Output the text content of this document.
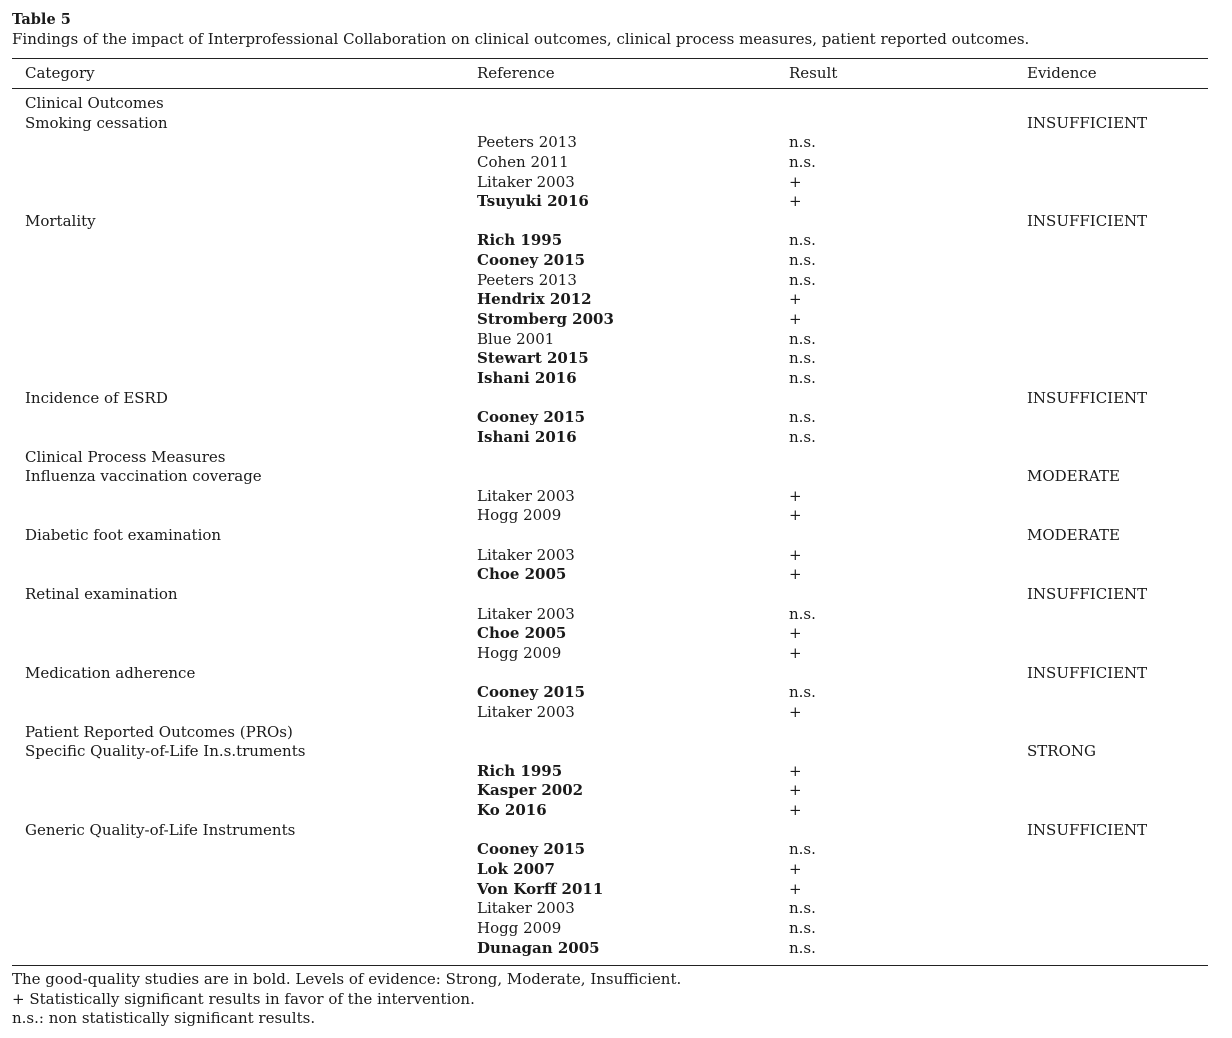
Table 5
Findings of the impact of Interprofessional Collaboration on clinical outcomes, clinical process measures, patient reported outcomes.
Category	Reference	Result	Evidence
Clinical Outcomes
Smoking cessation	INSUFFICIENT
Peeters 2013	n.s.
Cohen 2011	n.s.
Litaker 2003	+
Tsuyuki 2016	+
Mortality	INSUFFICIENT
Rich 1995	n.s.
Cooney 2015	n.s.
Peeters 2013	n.s.
Hendrix 2012	+
Stromberg 2003	+
Blue 2001	n.s.
Stewart 2015	n.s.
Ishani 2016	n.s.
Incidence of ESRD	INSUFFICIENT
Cooney 2015	n.s.
Ishani 2016	n.s.
Clinical Process Measures
Influenza vaccination coverage	MODERATE
Litaker 2003	+
Hogg 2009	+
Diabetic foot examination	MODERATE
Litaker 2003	+
Choe 2005	+
Retinal examination	INSUFFICIENT
Litaker 2003	n.s.
Choe 2005	+
Hogg 2009	+
Medication adherence	INSUFFICIENT
Cooney 2015	n.s.
Litaker 2003	+
Patient Reported Outcomes (PROs)
Specific Quality-of-Life In.s.truments	STRONG
Rich 1995	+
Kasper 2002	+
Ko 2016	+
Generic Quality-of-Life Instruments	INSUFFICIENT
Cooney 2015	n.s.
Lok 2007	+
Von Korff 2011	+
Litaker 2003	n.s.
Hogg 2009	n.s.
Dunagan 2005	n.s.
The good-quality studies are in bold. Levels of evidence: Strong, Moderate, Insufficient.
+ Statistically significant results in favor of the intervention.
n.s.: non statistically significant results.
